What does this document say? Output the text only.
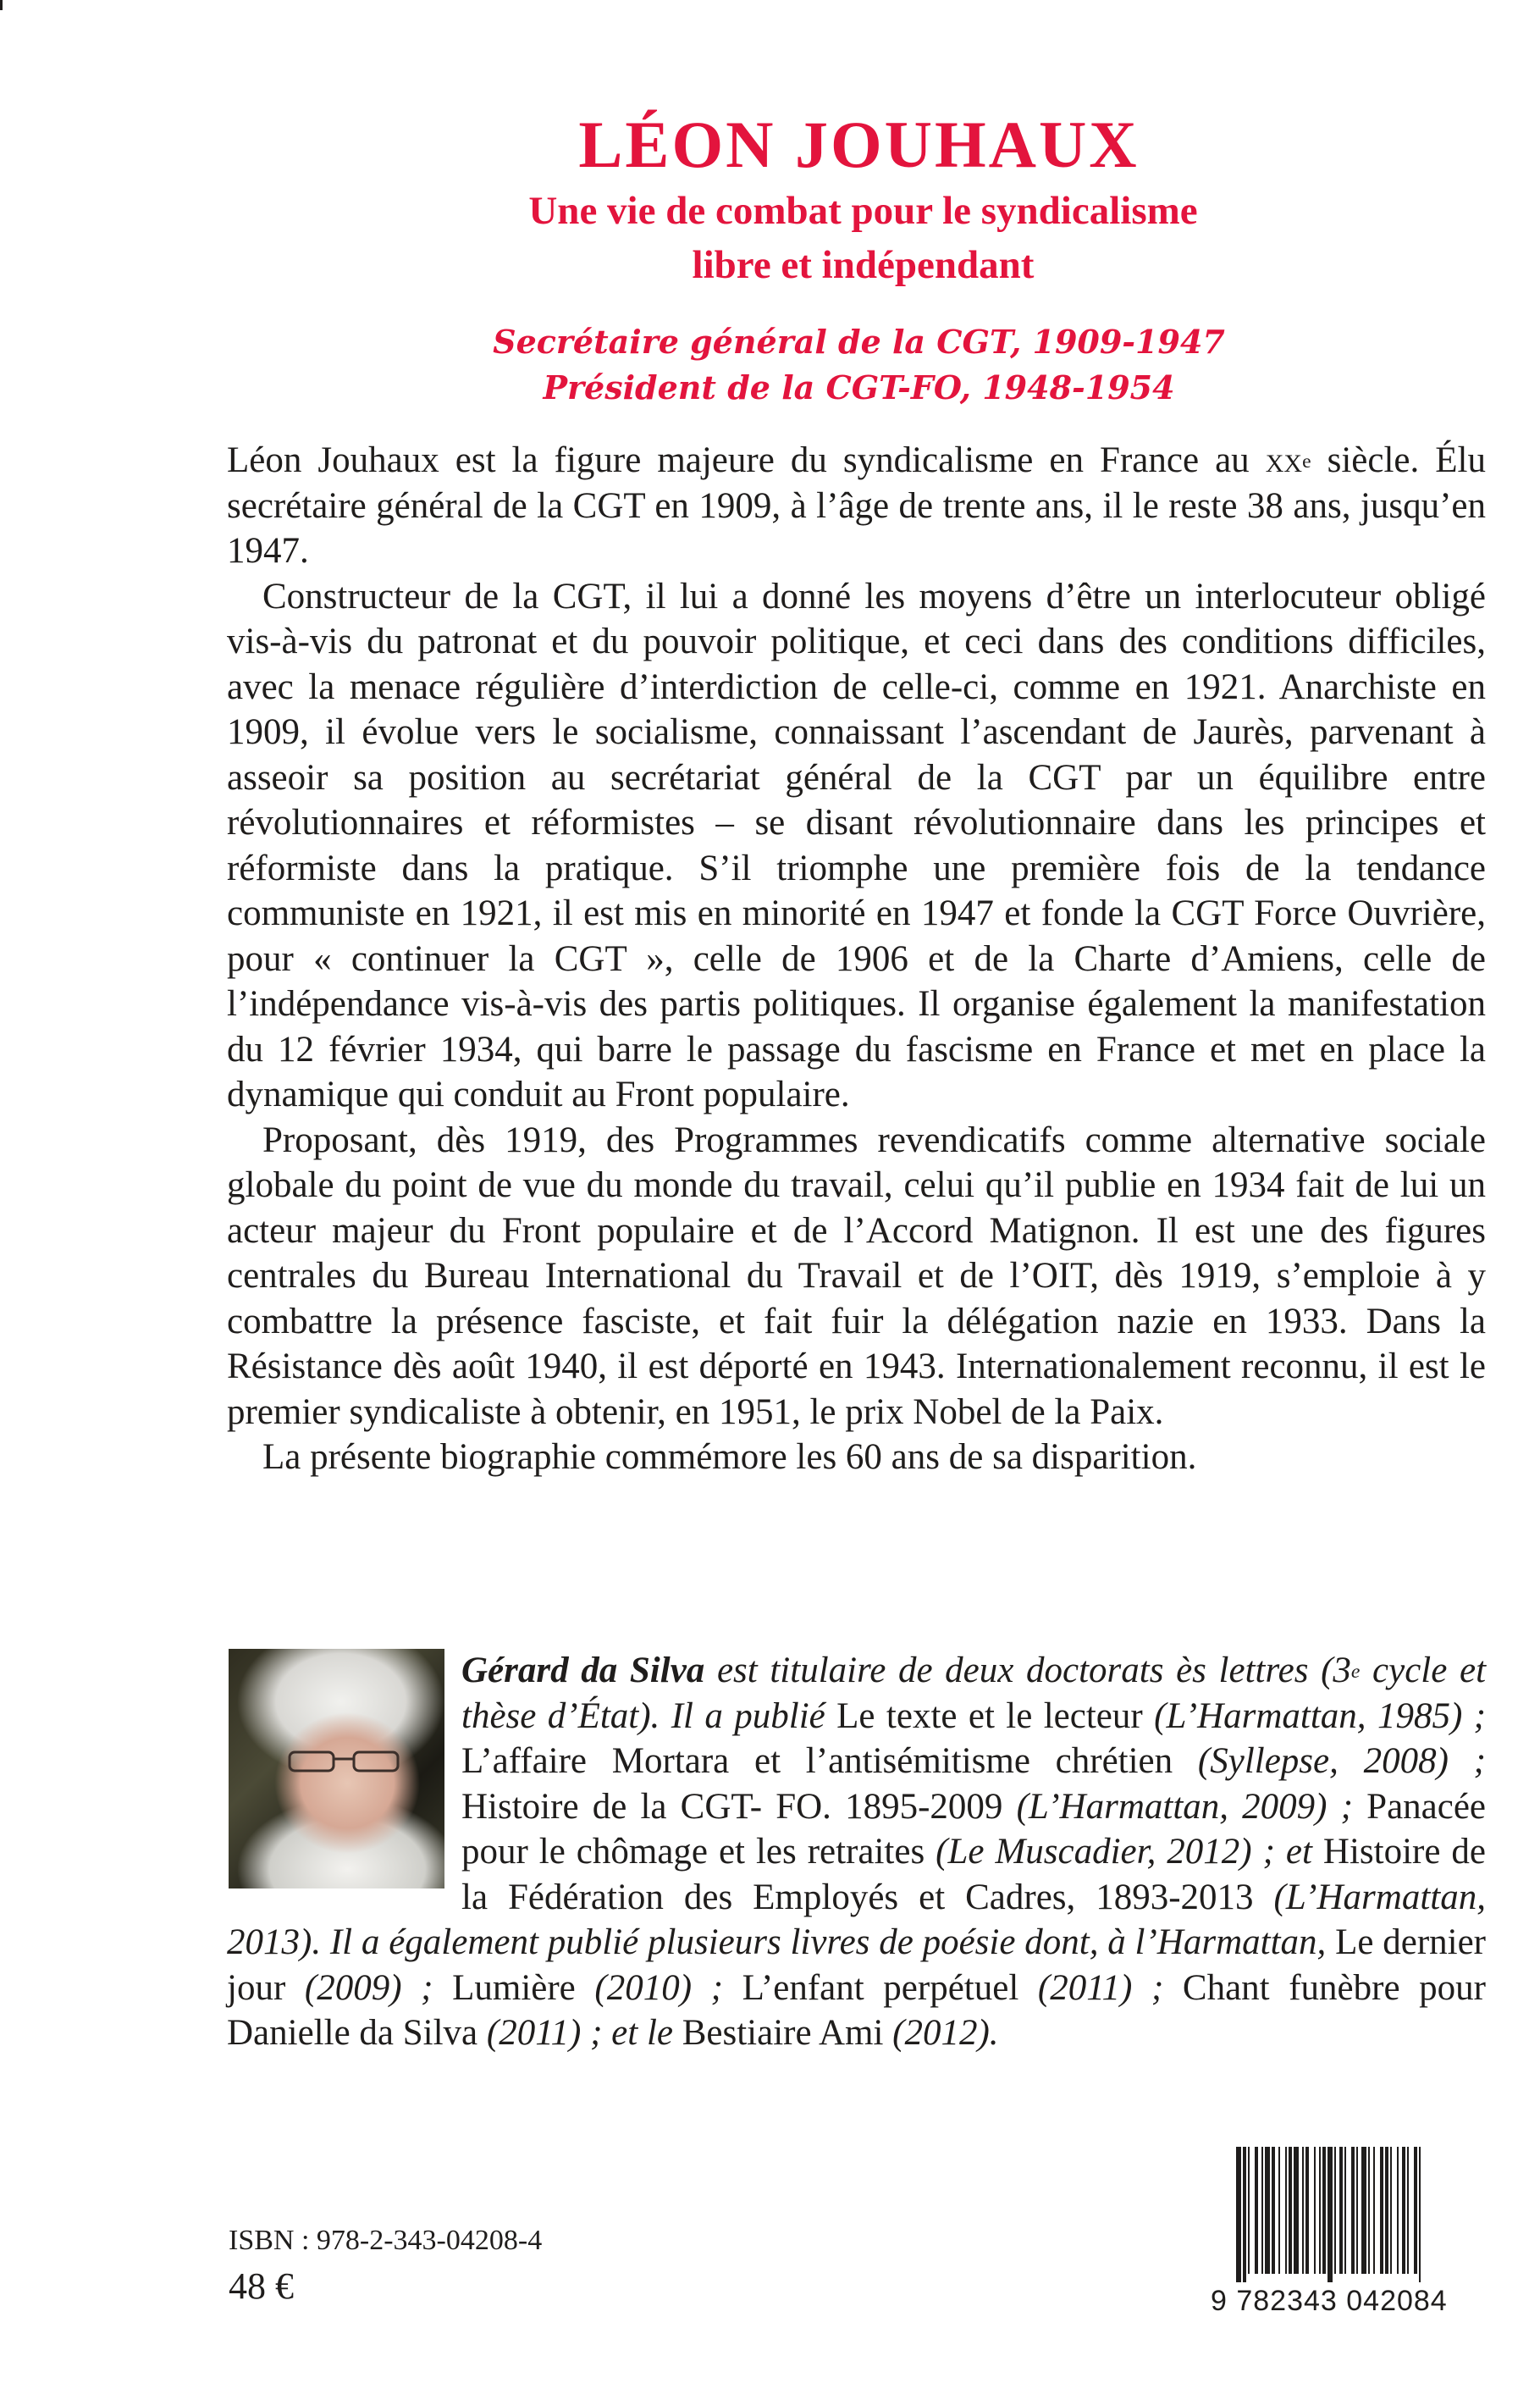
LÉON JOUHAUX
Une vie de combat pour le syndicalisme
libre et indépendant
Secrétaire général de la CGT, 1909-1947
Président de la CGT-FO, 1948-1954

Léon Jouhaux est la figure majeure du syndicalisme en France au $xx^e$ siècle. Élu secrétaire général de la CGT en 1909, à l’âge de trente ans, il le reste 38 ans, jusqu’en 1947.

Constructeur de la CGT, il lui a donné les moyens d’être un interlocuteur obligé vis-à-vis du patronat et du pouvoir politique, et ceci dans des conditions difficiles, avec la menace régulière d’interdiction de celle-ci, comme en 1921. Anarchiste en 1909, il évolue vers le socialisme, connaissant l’ascendant de Jaurès, parvenant à asseoir sa position au secrétariat général de la CGT par un équilibre entre révolutionnaires et réformistes – se disant révolutionnaire dans les principes et réformiste dans la pratique. S’il triomphe une première fois de la tendance communiste en 1921, il est mis en minorité en 1947 et fonde la CGT Force Ouvrière, pour « continuer la CGT », celle de 1906 et de la Charte d’Amiens, celle de l’indépendance vis-à-vis des partis politiques. Il organise également la manifestation du 12 février 1934, qui barre le passage du fascisme en France et met en place la dynamique qui conduit au Front populaire.

Proposant, dès 1919, des Programmes revendicatifs comme alternative sociale globale du point de vue du monde du travail, celui qu’il publie en 1934 fait de lui un acteur majeur du Front populaire et de l’Accord Matignon. Il est une des figures centrales du Bureau International du Travail et de l’OIT, dès 1919, s’emploie à y combattre la présence fasciste, et fait fuir la délégation nazie en 1933. Dans la Résistance dès août 1940, il est déporté en 1943. Internationalement reconnu, il est le premier syndicaliste à obtenir, en 1951, le prix Nobel de la Paix.

La présente biographie commémore les 60 ans de sa disparition.

Gérard da Silva est titulaire de deux doctorats ès lettres (3e cycle et thèse d’État). Il a publié Le texte et le lecteur (L’Harmattan, 1985) ; L’affaire Mortara et l’antisémitisme chrétien (Syllepse, 2008) ; Histoire de la CGT- FO. 1895-2009 (L’Harmattan, 2009) ; Panacée pour le chômage et les retraites (Le Muscadier, 2012) ; et Histoire de la Fédération des Employés et Cadres, 1893-2013 (L’Harmattan, 2013). Il a également publié plusieurs livres de poésie dont, à l’Harmattan, Le dernier jour (2009) ; Lumière (2010) ; L’enfant perpétuel (2011) ; Chant funèbre pour Danielle da Silva (2011) ; et le Bestiaire Ami (2012).
ISBN : 978-2-343-04208-4
48 €	9 782343 042084
